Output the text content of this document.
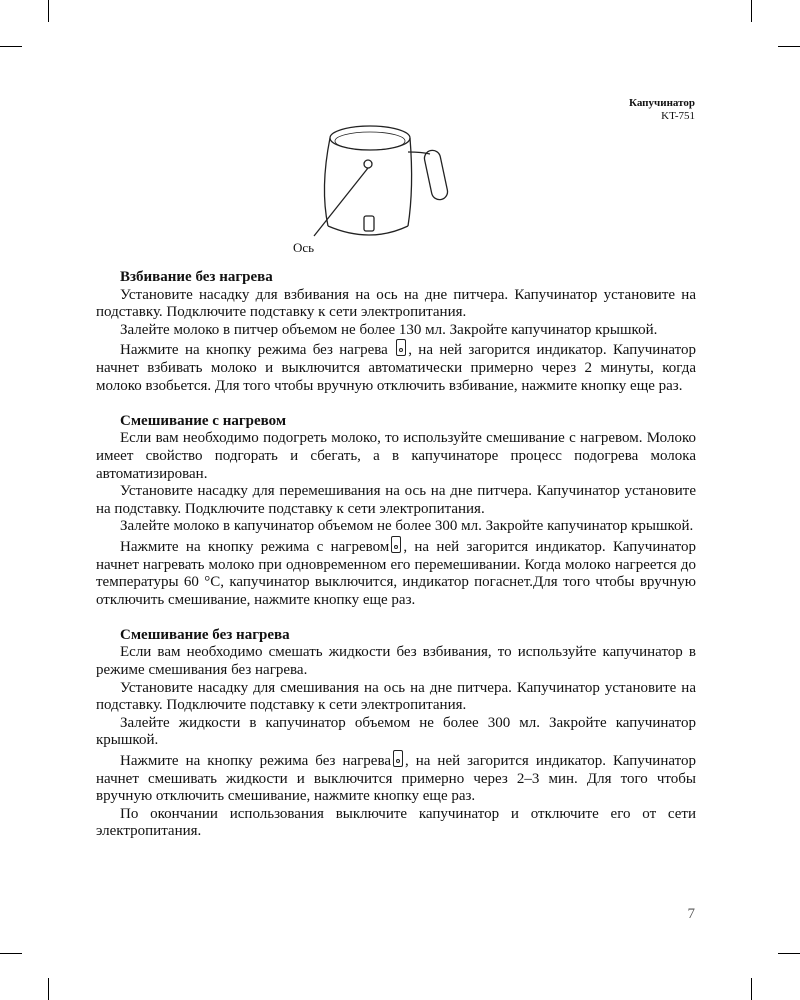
Капучинатор
KT-751
Ось
Взбивание без нагрева

Установите насадку для взбивания на ось на дне питчера. Капучинатор установите на подставку. Подключите подставку к сети электропитания.

Залейте молоко в питчер объемом не более 130 мл. Закройте капучинатор крышкой.

Нажмите на кнопку режима без нагрева , на ней загорится индикатор. Капучинатор начнет взбивать молоко и выключится автоматически примерно через 2 минуты, когда молоко взобьется. Для того чтобы вручную отключить взбивание, нажмите кнопку еще раз.

Смешивание с нагревом

Если вам необходимо подогреть молоко, то используйте смешивание с нагревом. Молоко имеет свойство подгорать и сбегать, а в капучинаторе процесс подогрева молока автоматизирован.

Установите насадку для перемешивания на ось на дне питчера. Капучинатор установите на подставку. Подключите подставку к сети электропитания.

Залейте молоко в капучинатор объемом не более 300 мл. Закройте капучинатор крышкой.

Нажмите на кнопку режима с нагревом , на ней загорится индикатор. Капучинатор начнет нагревать молоко при одновременном его перемешивании. Когда молоко нагреется до температуры 60 °С, капучинатор выключится, индикатор погаснет.Для того чтобы вручную отключить смешивание, нажмите кнопку еще раз.

Смешивание без нагрева

Если вам необходимо смешать жидкости без взбивания, то используйте капучинатор в режиме смешивания без нагрева.

Установите насадку для смешивания на ось на дне питчера. Капучинатор установите на подставку. Подключите подставку к сети электропитания.

Залейте жидкости в капучинатор объемом не более 300 мл. Закройте капучинатор крышкой.

Нажмите на кнопку режима без нагрева , на ней загорится индикатор. Капучинатор начнет смешивать жидкости и выключится примерно через 2–3 мин. Для того чтобы вручную отключить смешивание, нажмите кнопку еще раз.

По окончании использования выключите капучинатор и отключите его от сети электропитания.

7
